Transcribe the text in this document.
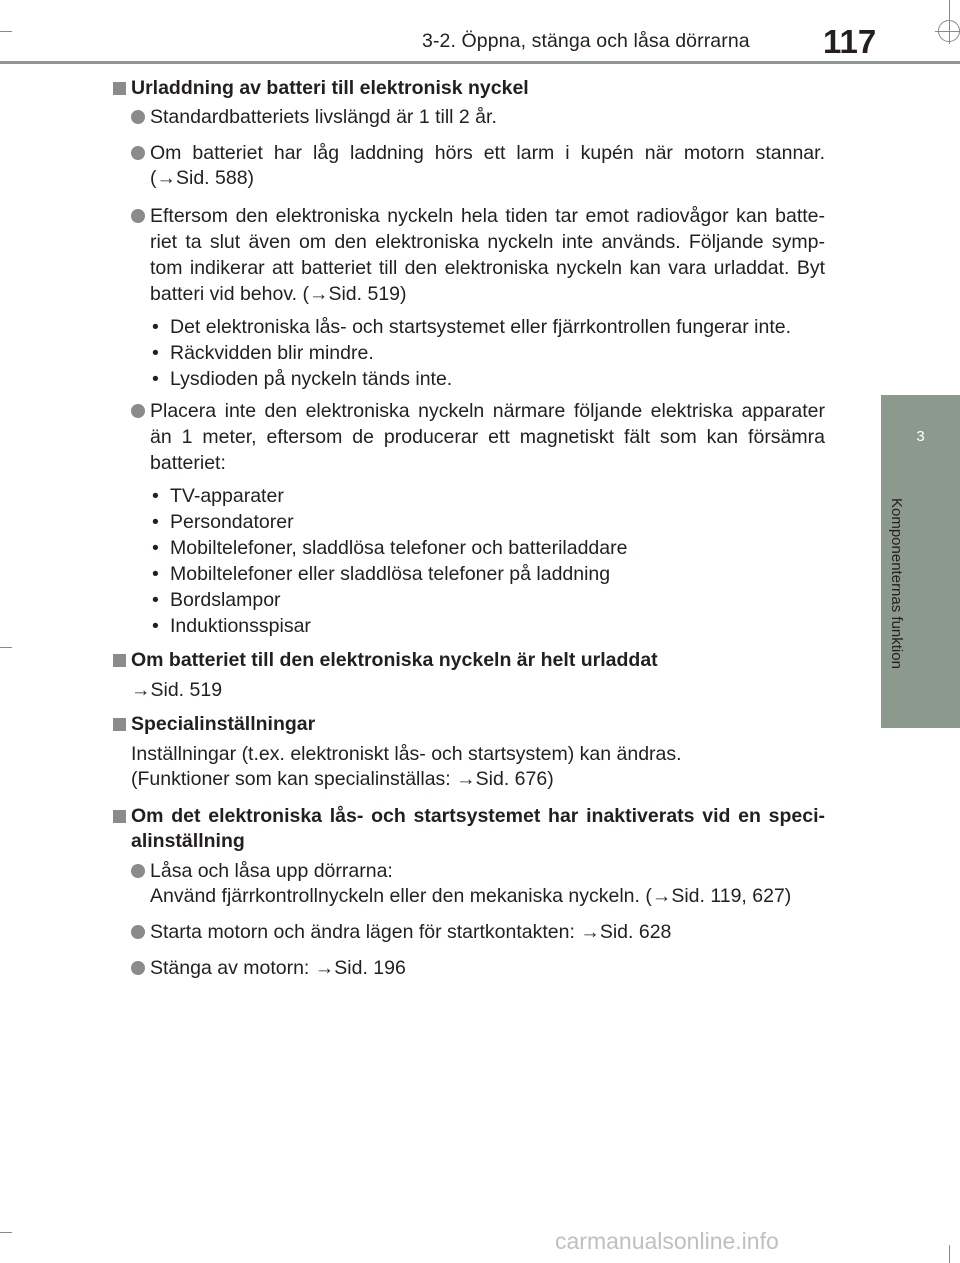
3-2. Öppna, stänga och låsa dörrarna 117
3
Komponenternas funktion
Urladdning av batteri till elektronisk nyckel
Standardbatteriets livslängd är 1 till 2 år.
Om batteriet har låg laddning hörs ett larm i kupén när motorn stannar.
(→Sid. 588)
Eftersom den elektroniska nyckeln hela tiden tar emot radiovågor kan batte-
riet ta slut även om den elektroniska nyckeln inte används. Följande symp-
tom indikerar att batteriet till den elektroniska nyckeln kan vara urladdat. Byt
batteri vid behov. (→Sid. 519)
• Det elektroniska lås- och startsystemet eller fjärrkontrollen fungerar inte.
• Räckvidden blir mindre.
• Lysdioden på nyckeln tänds inte.
Placera inte den elektroniska nyckeln närmare följande elektriska apparater
än 1 meter, eftersom de producerar ett magnetiskt fält som kan försämra
batteriet:
• TV-apparater
• Persondatorer
• Mobiltelefoner, sladdlösa telefoner och batteriladdare
• Mobiltelefoner eller sladdlösa telefoner på laddning
• Bordslampor
• Induktionsspisar
Om batteriet till den elektroniska nyckeln är helt urladdat
→Sid. 519
Specialinställningar
Inställningar (t.ex. elektroniskt lås- och startsystem) kan ändras.
(Funktioner som kan specialinställas: →Sid. 676)
Om det elektroniska lås- och startsystemet har inaktiverats vid en speci-
alinställning
Låsa och låsa upp dörrarna:
Använd fjärrkontrollnyckeln eller den mekaniska nyckeln. (→Sid. 119, 627)
Starta motorn och ändra lägen för startkontakten: →Sid. 628
Stänga av motorn: →Sid. 196
carmanualsonline.info
